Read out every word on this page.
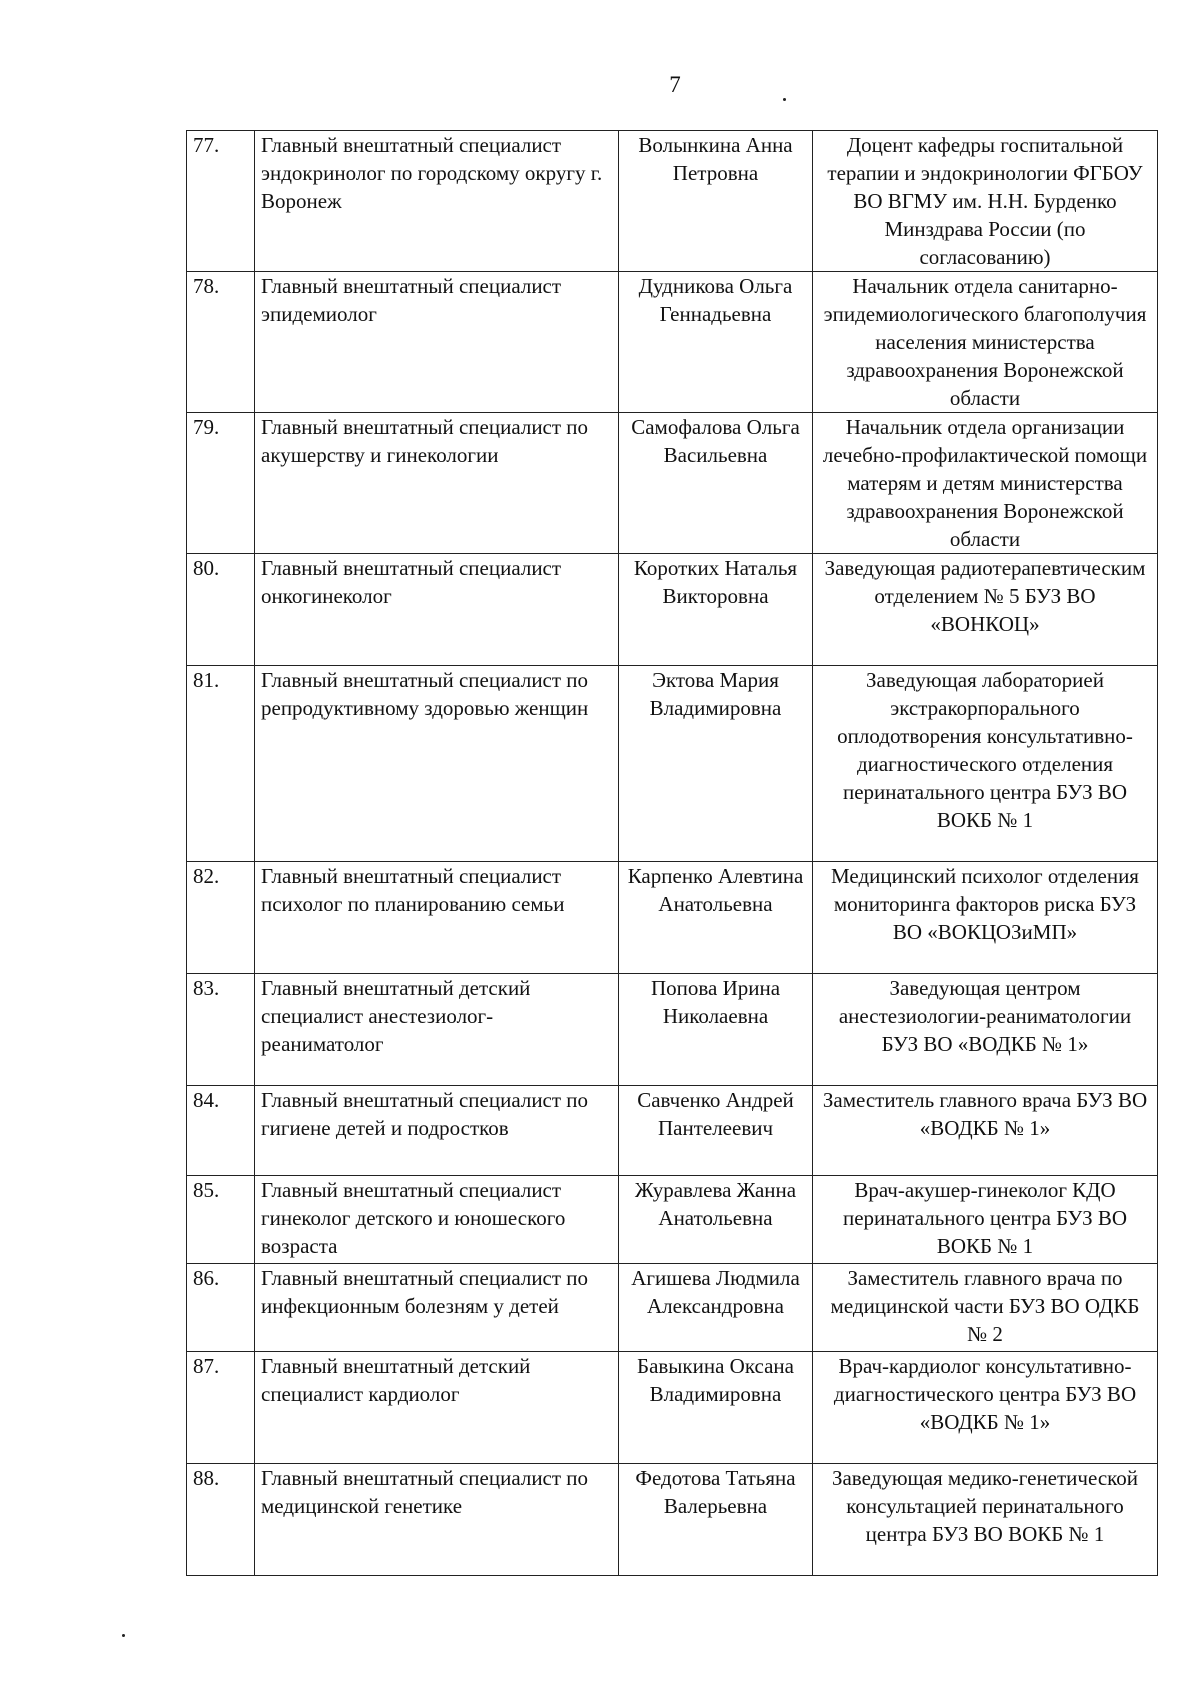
7
77.	Главный внештатный специалист эндокринолог по городскому округу г. Воронеж	Волынкина Анна Петровна	Доцент кафедры госпитальной терапии и эндокринологии ФГБОУ ВО ВГМУ им. Н.Н. Бурденко Минздрава России (по согласованию)
78.	Главный внештатный специалист эпидемиолог	Дудникова Ольга Геннадьевна	Начальник отдела санитарно-эпидемиологического благополучия населения министерства здравоохранения Воронежской области
79.	Главный внештатный специалист по акушерству и гинекологии	Самофалова Ольга Васильевна	Начальник отдела организации лечебно-профилактической помощи матерям и детям министерства здравоохранения Воронежской области
80.	Главный внештатный специалист онкогинеколог	Коротких Наталья Викторовна	Заведующая радиотерапевтическим отделением № 5 БУЗ ВО «ВОНКОЦ»
81.	Главный внештатный специалист по репродуктивному здоровью женщин	Эктова Мария Владимировна	Заведующая лабораторией экстракорпорального оплодотворения консультативно-диагностического отделения перинатального центра БУЗ ВО ВОКБ № 1
82.	Главный внештатный специалист психолог по планированию семьи	Карпенко Алевтина Анатольевна	Медицинский психолог отделения мониторинга факторов риска БУЗ ВО «ВОКЦОЗиМП»
83.	Главный внештатный детский специалист анестезиолог-реаниматолог	Попова Ирина Николаевна	Заведующая центром анестезиологии-реаниматологии БУЗ ВО «ВОДКБ № 1»
84.	Главный внештатный специалист по гигиене детей и подростков	Савченко Андрей Пантелеевич	Заместитель главного врача БУЗ ВО «ВОДКБ № 1»
85.	Главный внештатный специалист гинеколог детского и юношеского возраста	Журавлева Жанна Анатольевна	Врач-акушер-гинеколог КДО перинатального центра БУЗ ВО ВОКБ № 1
86.	Главный внештатный специалист по инфекционным болезням у детей	Агишева Людмила Александровна	Заместитель главного врача по медицинской части БУЗ ВО ОДКБ № 2
87.	Главный внештатный детский специалист кардиолог	Бавыкина Оксана Владимировна	Врач-кардиолог консультативно-диагностического центра БУЗ ВО «ВОДКБ № 1»
88.	Главный внештатный специалист по медицинской генетике	Федотова Татьяна Валерьевна	Заведующая медико-генетической консультацией перинатального центра БУЗ ВО ВОКБ № 1
